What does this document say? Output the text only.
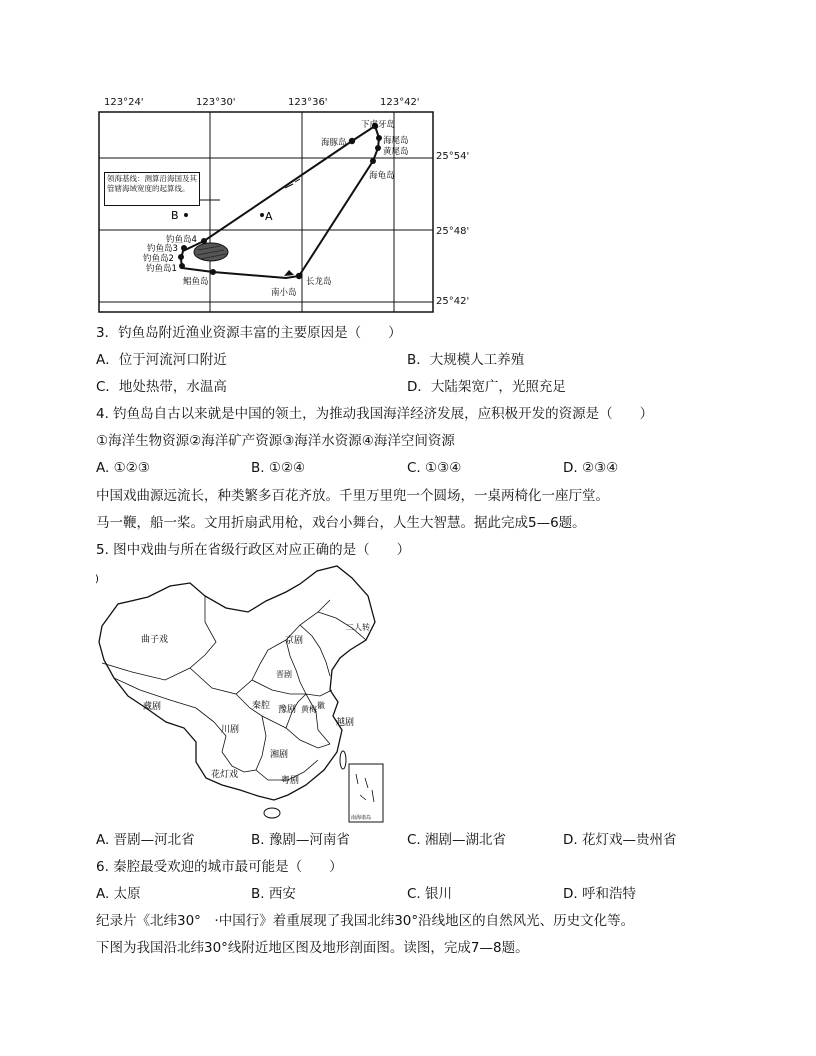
123°24'	123°30'	123°36'	123°42'
25°54'
25°48'
25°42'
下虎牙岛
海豚岛	海尾岛
黄尾岛
海龟岛
钓鱼岛4
钓鱼岛3
钓鱼岛2
钓鱼岛1
鲳鱼岛
南小岛
长龙岛
B	A
领海基线：测算沿海国及其管辖海域宽度的起算线。
3．钓鱼岛附近渔业资源丰富的主要原因是（　　）
A．位于河流河口附近	B．大规模人工养殖
C．地处热带，水温高	D．大陆架宽广，光照充足
4. 钓鱼岛自古以来就是中国的领土，为推动我国海洋经济发展，应积极开发的资源是（　　）
①海洋生物资源②海洋矿产资源③海洋水资源④海洋空间资源
A. ①②③	B. ①②④	C. ①③④	D. ②③④
中国戏曲源远流长，种类繁多百花齐放。千里万里兜一个圆场，一桌两椅化一座厅堂。
马一鞭，船一桨。文用折扇武用枪，戏台小舞台，人生大智慧。据此完成5—6题。
5. 图中戏曲与所在省级行政区对应正确的是（　　）
)
南海诸岛
曲子戏
藏剧
川剧
花灯戏
京剧
晋剧
秦腔 豫剧 黄梅 徽
越剧
湘剧
粤剧
二人转
A. 晋剧—河北省	B. 豫剧—河南省	C. 湘剧—湖北省	D. 花灯戏—贵州省
6. 秦腔最受欢迎的城市最可能是（　　）
A. 太原	B. 西安	C. 银川	D. 呼和浩特
纪录片《北纬30°　·中国行》着重展现了我国北纬30°沿线地区的自然风光、历史文化等。
下图为我国沿北纬30°线附近地区图及地形剖面图。读图，完成7—8题。
